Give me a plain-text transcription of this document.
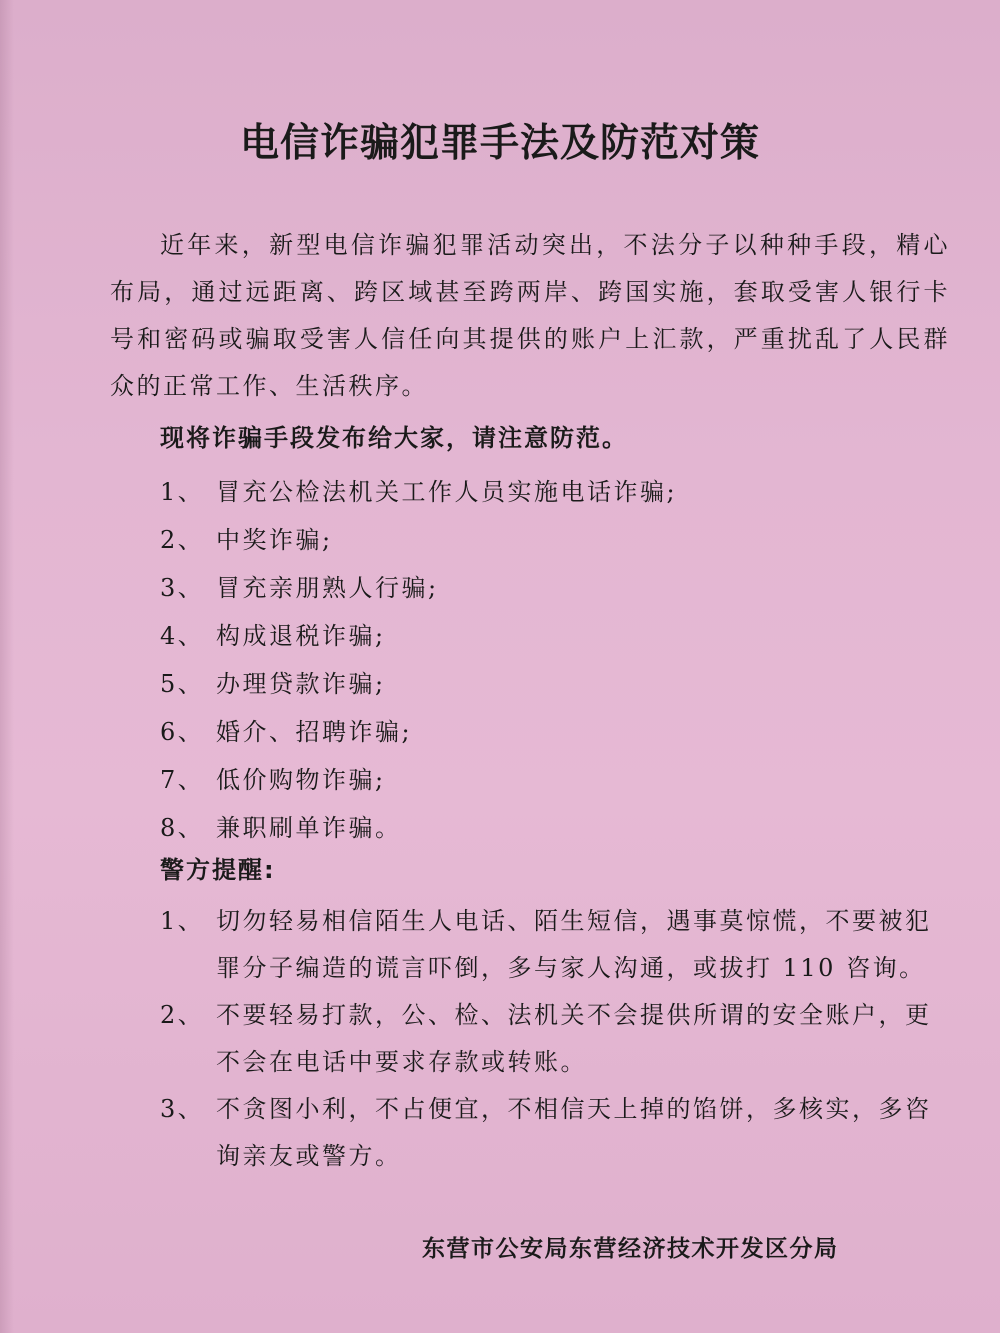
电信诈骗犯罪手法及防范对策

近年来，新型电信诈骗犯罪活动突出，不法分子以种种手段，精心布局，通过远距离、跨区域甚至跨两岸、跨国实施，套取受害人银行卡号和密码或骗取受害人信任向其提供的账户上汇款，严重扰乱了人民群众的正常工作、生活秩序。

现将诈骗手段发布给大家，请注意防范。
1、 冒充公检法机关工作人员实施电话诈骗;
2、 中奖诈骗;
3、 冒充亲朋熟人行骗;
4、 构成退税诈骗;
5、 办理贷款诈骗;
6、 婚介、招聘诈骗;
7、 低价购物诈骗;
8、 兼职刷单诈骗。
警方提醒:
1、 切勿轻易相信陌生人电话、陌生短信，遇事莫惊慌，不要被犯罪分子编造的谎言吓倒，多与家人沟通，或拔打 110 咨询。
2、 不要轻易打款，公、检、法机关不会提供所谓的安全账户，更不会在电话中要求存款或转账。
3、 不贪图小利，不占便宜，不相信天上掉的馅饼，多核实，多咨询亲友或警方。
东营市公安局东营经济技术开发区分局
